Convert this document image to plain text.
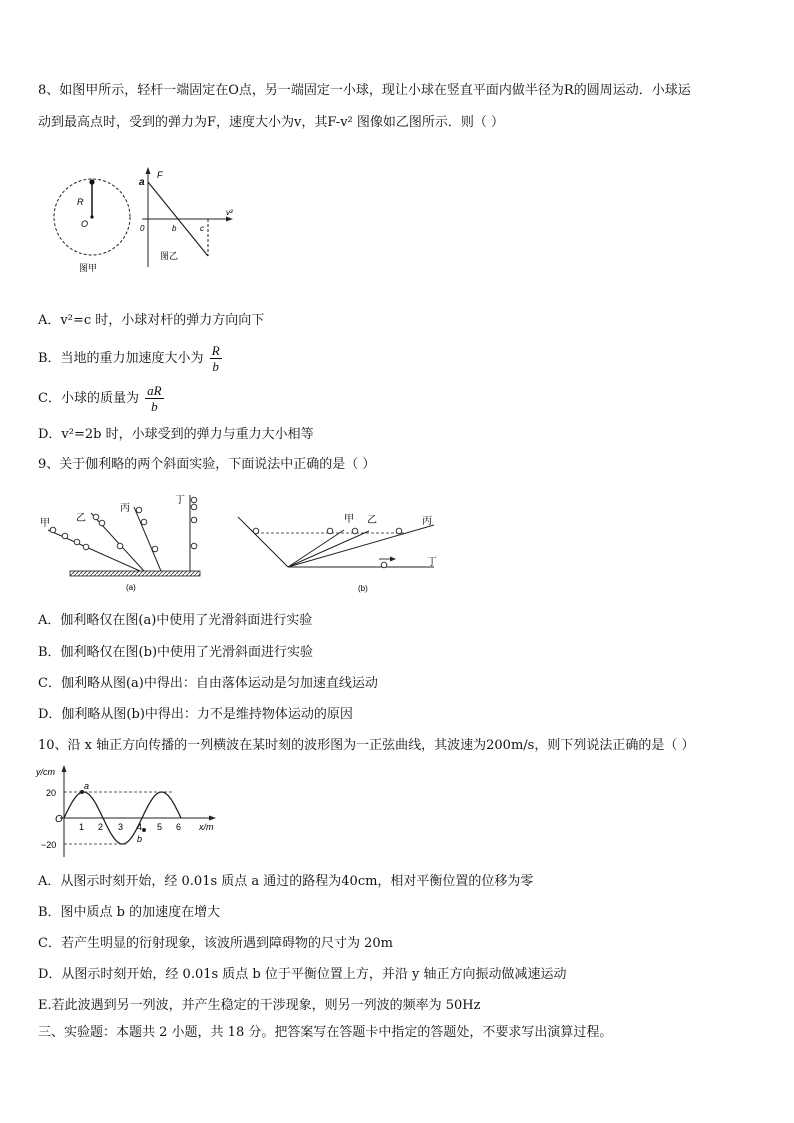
8、如图甲所示，轻杆一端固定在O点，另一端固定一小球，现让小球在竖直平面内做半径为R的圆周运动．小球运
动到最高点时，受到的弹力为F，速度大小为v，其F-v² 图像如乙图所示．则（ ）
R
O
图甲
F
a
v²
0	b	c
图乙
A．v²=c 时，小球对杆的弹力方向向下
B．当地的重力加速度大小为 $\frac{R}{b}$
C．小球的质量为 $\frac{aR}{b}$
D．v²=2b 时，小球受到的弹力与重力大小相等
9、关于伽利略的两个斜面实验，下面说法中正确的是（ ）
甲	乙
丙
丁
(a)
甲 乙	丙
丁
(b)
A．伽利略仅在图(a)中使用了光滑斜面进行实验
B．伽利略仅在图(b)中使用了光滑斜面进行实验
C．伽利略从图(a)中得出：自由落体运动是匀加速直线运动
D．伽利略从图(b)中得出：力不是维持物体运动的原因
10、沿 x 轴正方向传播的一列横波在某时刻的波形图为一正弦曲线，其波速为200m/s，则下列说法正确的是（ ）
y/cm
x/m
O
20
−20
1 2 3 4 5 6
a
b
A．从图示时刻开始，经 0.01s 质点 a 通过的路程为40cm，相对平衡位置的位移为零
B．图中质点 b 的加速度在增大
C．若产生明显的衍射现象，该波所遇到障碍物的尺寸为 20m
D．从图示时刻开始，经 0.01s 质点 b 位于平衡位置上方，并沿 y 轴正方向振动做减速运动
E.若此波遇到另一列波，并产生稳定的干涉现象，则另一列波的频率为 50Hz
三、实验题：本题共 2 小题，共 18 分。把答案写在答题卡中指定的答题处，不要求写出演算过程。
